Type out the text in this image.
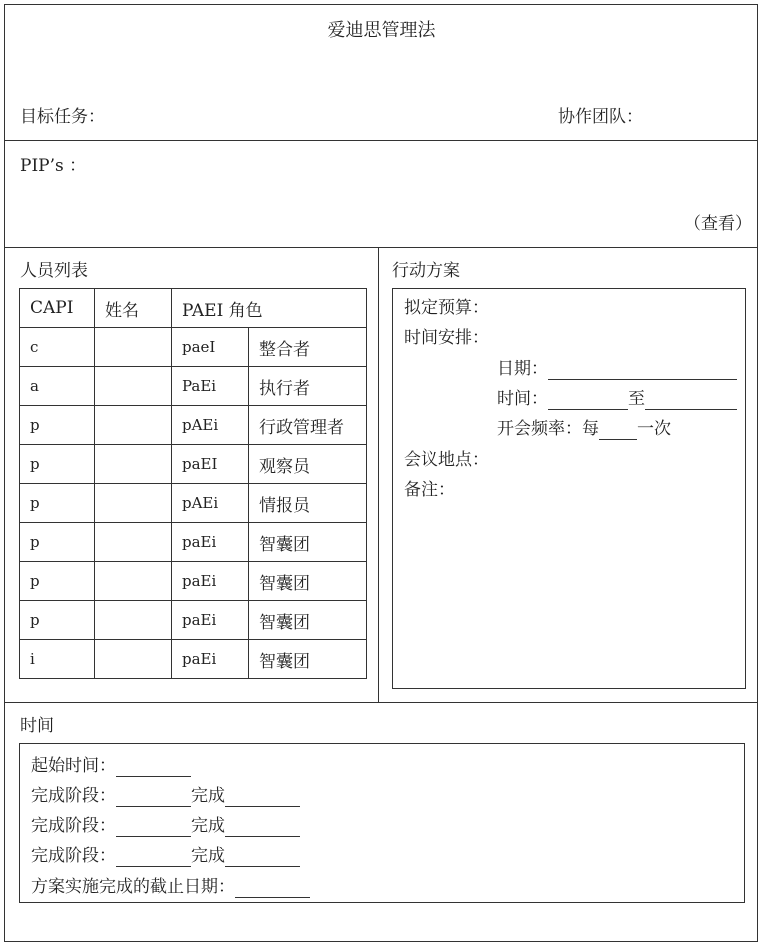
爱迪思管理法
目标任务：	协作团队：
PIP’s ：
（查看）
人员列表
CAPI	姓名	PAEI 角色	
c		paeI	整合者
a		PaEi	执行者
p		pAEi	行政管理者
p		paEI	观察员
p		pAEi	情报员
p		paEi	智囊团
p		paEi	智囊团
p		paEi	智囊团
i		paEi	智囊团
行动方案
拟定预算：
时间安排：
日期：
时间：	至
开会频率：每 一次
会议地点：
备注：
时间
起始时间：
完成阶段：	完成
完成阶段：	完成
完成阶段：	完成
方案实施完成的截止日期：
